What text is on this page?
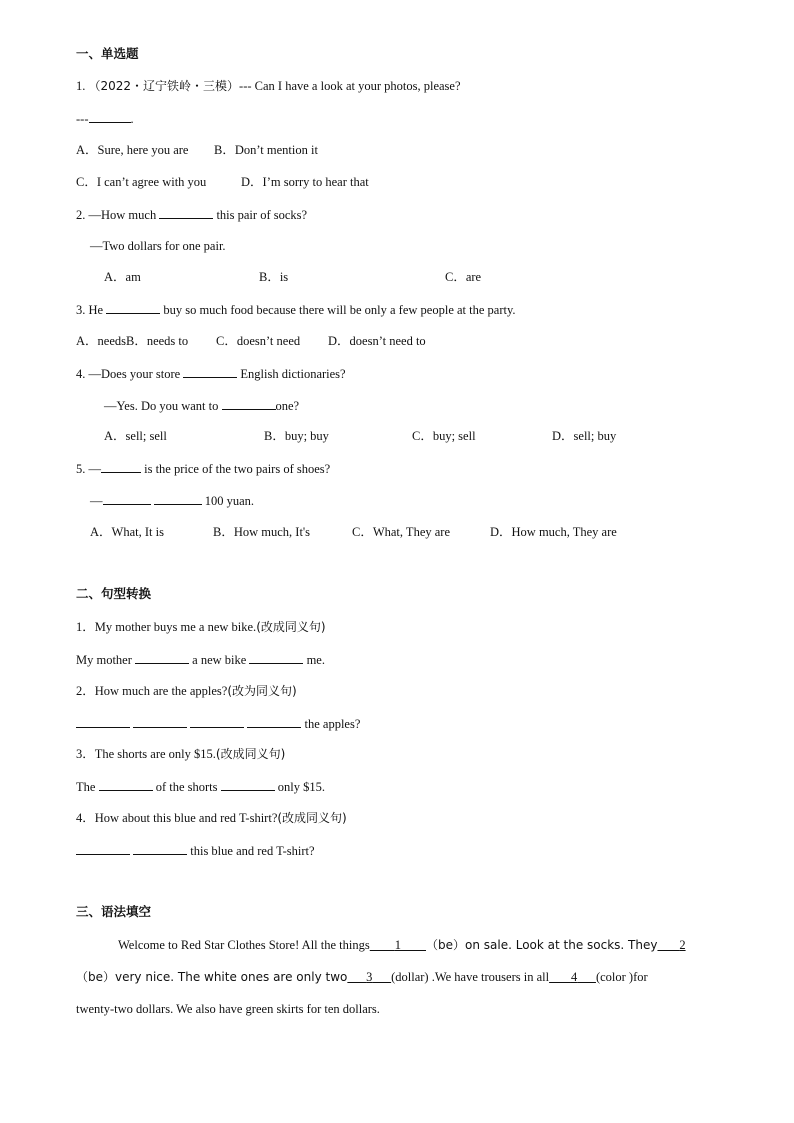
一、单选题
1. （2022・辽宁铁岭・三模）--- Can I have a look at your photos, please?
---	.
A．Sure, here you are B．Don’t mention it
C．I can’t agree with you	D．I’m sorry to hear that
2. —How much	this pair of socks?
—Two dollars for one pair.
A．am	B．is	C．are
3. He	buy so much food because there will be only a few people at the party.
A．needsB．needs to C．doesn’t need D．doesn’t need to
4. —Does your store	English dictionaries?
—Yes. Do you want to	one?
A．sell; sell	B．buy; buy	C．buy; sell	D．sell; buy
5. —	is the price of the two pairs of shoes?
—	100 yuan.
A．What, It is	B．How much, It's	C．What, They are	D．How much, They are
二、句型转换
1．My mother buys me a new bike.(改成同义句)
My mother	a new bike	me.
2．How much are the apples?(改为同义句)
the apples?
3．The shorts are only $15.(改成同义句)
The	of the shorts	only $15.
4．How about this blue and red T-shirt?(改成同义句)
this blue and red T-shirt?
三、语法填空
Welcome to Red Star Clothes Store! All the things 1 （be）on sale. Look at the socks. They 2
（be）very nice. The white ones are only two 3 (dollar) .We have trousers in all 4 (color )for
twenty-two dollars. We also have green skirts for ten dollars.
